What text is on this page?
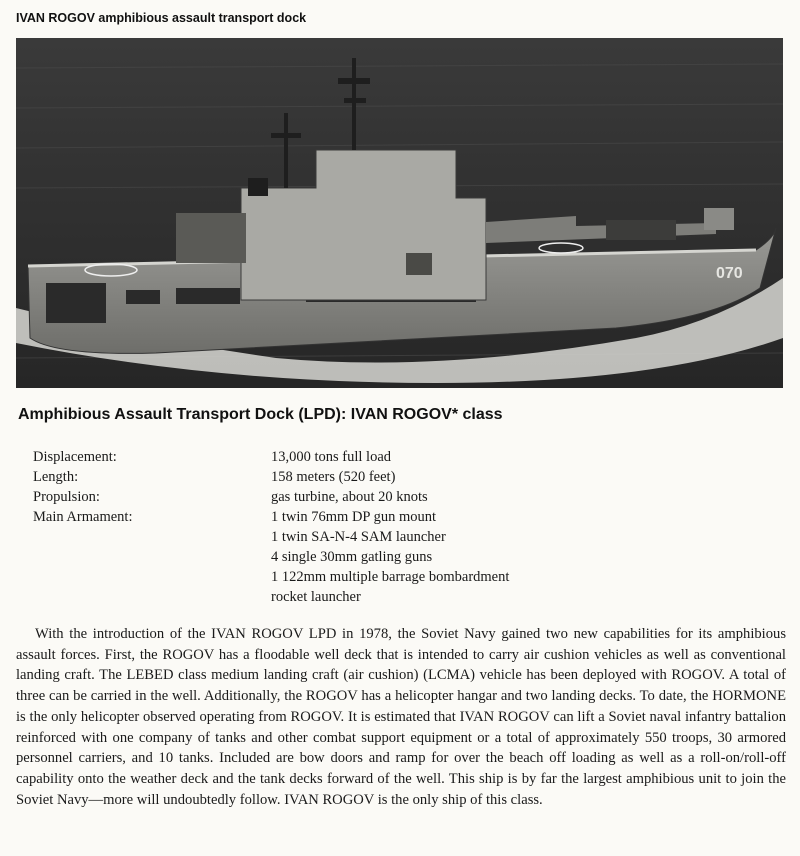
IVAN ROGOV amphibious assault transport dock
070
Amphibious Assault Transport Dock (LPD): IVAN ROGOV* class
Displacement:	13,000 tons full load
Length:	158 meters (520 feet)
Propulsion:	gas turbine, about 20 knots
Main Armament:	1 twin 76mm DP gun mount
1 twin SA-N-4 SAM launcher
4 single 30mm gatling guns
1 122mm multiple barrage bombardment
rocket launcher

With the introduction of the IVAN ROGOV LPD in 1978, the Soviet Navy gained two new capabilities for its amphibious assault forces. First, the ROGOV has a floodable well deck that is intended to carry air cushion vehicles as well as conventional landing craft. The LEBED class medium landing craft (air cushion) (LCMA) vehicle has been deployed with ROGOV. A total of three can be carried in the well. Additionally, the ROGOV has a helicopter hangar and two landing decks. To date, the HORMONE is the only helicopter observed operating from ROGOV. It is estimated that IVAN ROGOV can lift a Soviet naval infantry battalion reinforced with one company of tanks and other combat support equipment or a total of approximately 550 troops, 30 armored personnel carriers, and 10 tanks. Included are bow doors and ramp for over the beach off loading as well as a roll-on/roll-off capability onto the weather deck and the tank decks forward of the well. This ship is by far the largest amphibious unit to join the Soviet Navy—more will undoubtedly follow. IVAN ROGOV is the only ship of this class.
